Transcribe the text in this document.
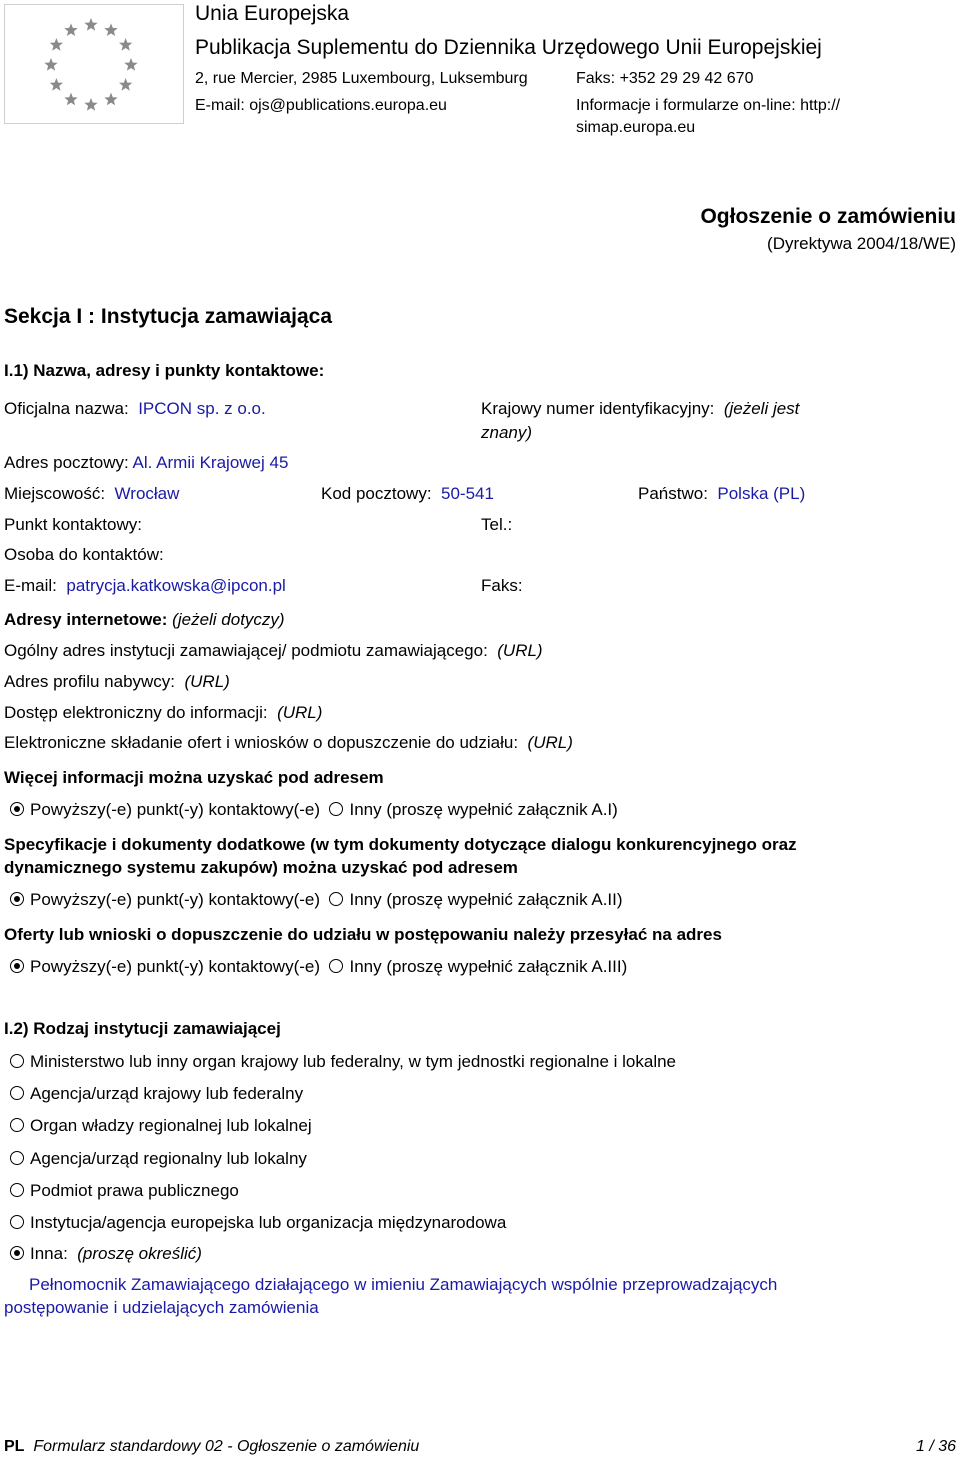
Unia Europejska
Publikacja Suplementu do Dziennika Urzędowego Unii Europejskiej
2, rue Mercier, 2985 Luxembourg, Luksemburg	Faks: +352 29 29 42 670
E-mail: ojs@publications.europa.eu	Informacje i formularze on-line: http://
simap.europa.eu
Ogłoszenie o zamówieniu
(Dyrektywa 2004/18/WE)
Sekcja I : Instytucja zamawiająca
I.1) Nazwa, adresy i punkty kontaktowe:
Oficjalna nazwa: IPCON sp. z o.o.	Krajowy numer identyfikacyjny: (jeżeli jest
znany)
Adres pocztowy: Al. Armii Krajowej 45
Miejscowość: Wrocław	Kod pocztowy: 50-541	Państwo: Polska (PL)
Punkt kontaktowy:	Tel.:
Osoba do kontaktów:
E-mail: patrycja.katkowska@ipcon.pl	Faks:
Adresy internetowe: (jeżeli dotyczy)
Ogólny adres instytucji zamawiającej/ podmiotu zamawiającego: (URL)
Adres profilu nabywcy: (URL)
Dostęp elektroniczny do informacji: (URL)
Elektroniczne składanie ofert i wniosków o dopuszczenie do udziału: (URL)
Więcej informacji można uzyskać pod adresem
Powyższy(-e) punkt(-y) kontaktowy(-e) Inny (proszę wypełnić załącznik A.I)
Specyfikacje i dokumenty dodatkowe (w tym dokumenty dotyczące dialogu konkurencyjnego oraz
dynamicznego systemu zakupów) można uzyskać pod adresem
Powyższy(-e) punkt(-y) kontaktowy(-e) Inny (proszę wypełnić załącznik A.II)
Oferty lub wnioski o dopuszczenie do udziału w postępowaniu należy przesyłać na adres
Powyższy(-e) punkt(-y) kontaktowy(-e) Inny (proszę wypełnić załącznik A.III)
I.2) Rodzaj instytucji zamawiającej
Ministerstwo lub inny organ krajowy lub federalny, w tym jednostki regionalne i lokalne
Agencja/urząd krajowy lub federalny
Organ władzy regionalnej lub lokalnej
Agencja/urząd regionalny lub lokalny
Podmiot prawa publicznego
Instytucja/agencja europejska lub organizacja międzynarodowa
Inna: (proszę określić)
Pełnomocnik Zamawiającego działającego w imieniu Zamawiających wspólnie przeprowadzających
postępowanie i udzielających zamówienia
PL Formularz standardowy 02 - Ogłoszenie o zamówieniu	1 / 36
